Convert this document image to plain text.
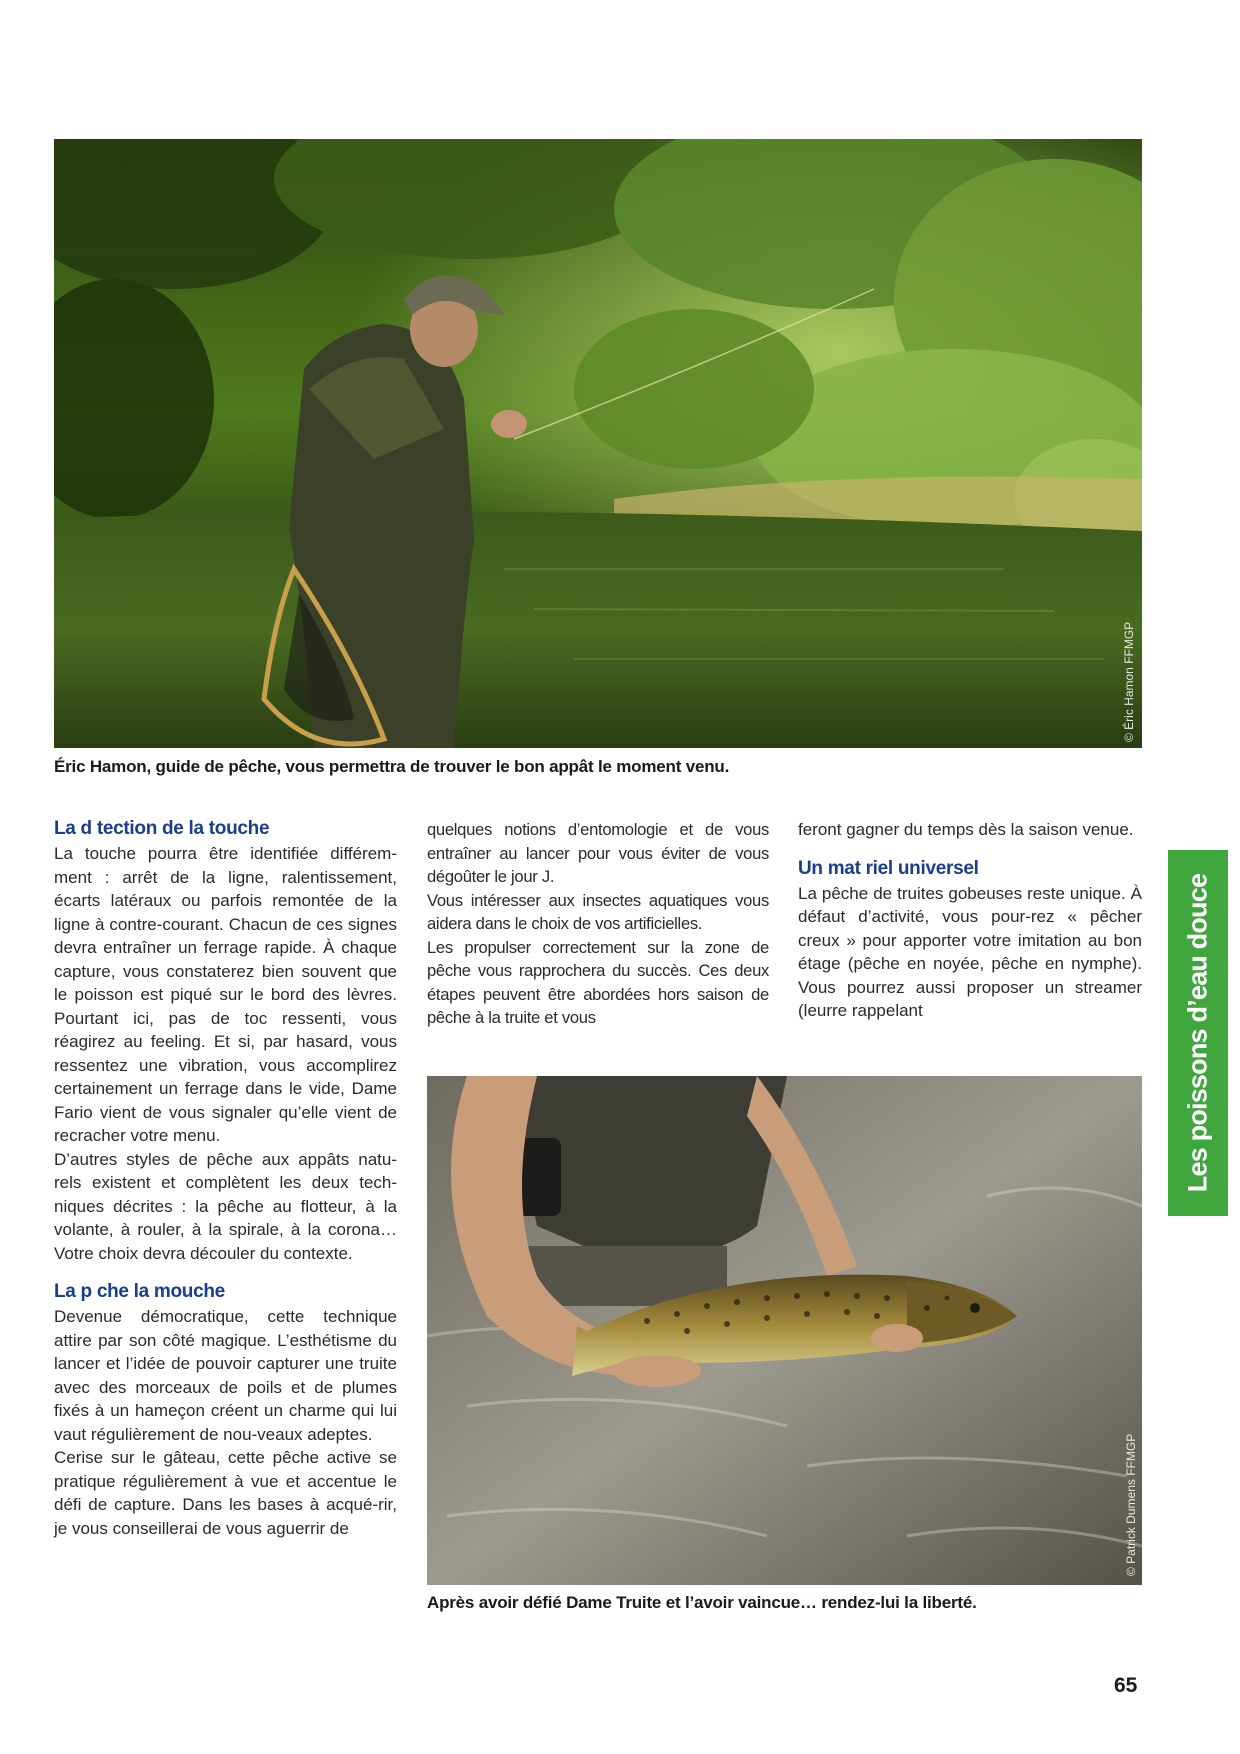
© Éric Hamon FFMGP
Éric Hamon, guide de pêche, vous permettra de trouver le bon appât le moment venu.
La d tection de la touche

La touche pourra être identifiée différem-ment : arrêt de la ligne, ralentissement, écarts latéraux ou parfois remontée de la ligne à contre-courant. Chacun de ces signes devra entraîner un ferrage rapide. À chaque capture, vous constaterez bien souvent que le poisson est piqué sur le bord des lèvres. Pourtant ici, pas de toc ressenti, vous réagirez au feeling. Et si, par hasard, vous ressentez une vibration, vous accomplirez certainement un ferrage dans le vide, Dame Fario vient de vous signaler qu’elle vient de recracher votre menu.

D’autres styles de pêche aux appâts natu-rels existent et complètent les deux tech-niques décrites : la pêche au flotteur, à la volante, à rouler, à la spirale, à la corona… Votre choix devra découler du contexte.

La p che la mouche

Devenue démocratique, cette technique attire par son côté magique. L’esthétisme du lancer et l’idée de pouvoir capturer une truite avec des morceaux de poils et de plumes fixés à un hameçon créent un charme qui lui vaut régulièrement de nou-veaux adeptes.

Cerise sur le gâteau, cette pêche active se pratique régulièrement à vue et accentue le défi de capture. Dans les bases à acqué-rir, je vous conseillerai de vous aguerrir de

quelques notions d’entomologie et de vous entraîner au lancer pour vous éviter de vous dégoûter le jour J.

Vous intéresser aux insectes aquatiques vous aidera dans le choix de vos artificielles.

Les propulser correctement sur la zone de pêche vous rapprochera du succès. Ces deux étapes peuvent être abordées hors saison de pêche à la truite et vous

feront gagner du temps dès la saison venue.

Un mat riel universel

La pêche de truites gobeuses reste unique. À défaut d’activité, vous pour-rez « pêcher creux » pour apporter votre imitation au bon étage (pêche en noyée, pêche en nymphe). Vous pourrez aussi proposer un streamer (leurre rappelant

© Patrick Dumens FFMGP
Après avoir défié Dame Truite et l’avoir vaincue… rendez-lui la liberté.
Les poissons d’eau douce
65
